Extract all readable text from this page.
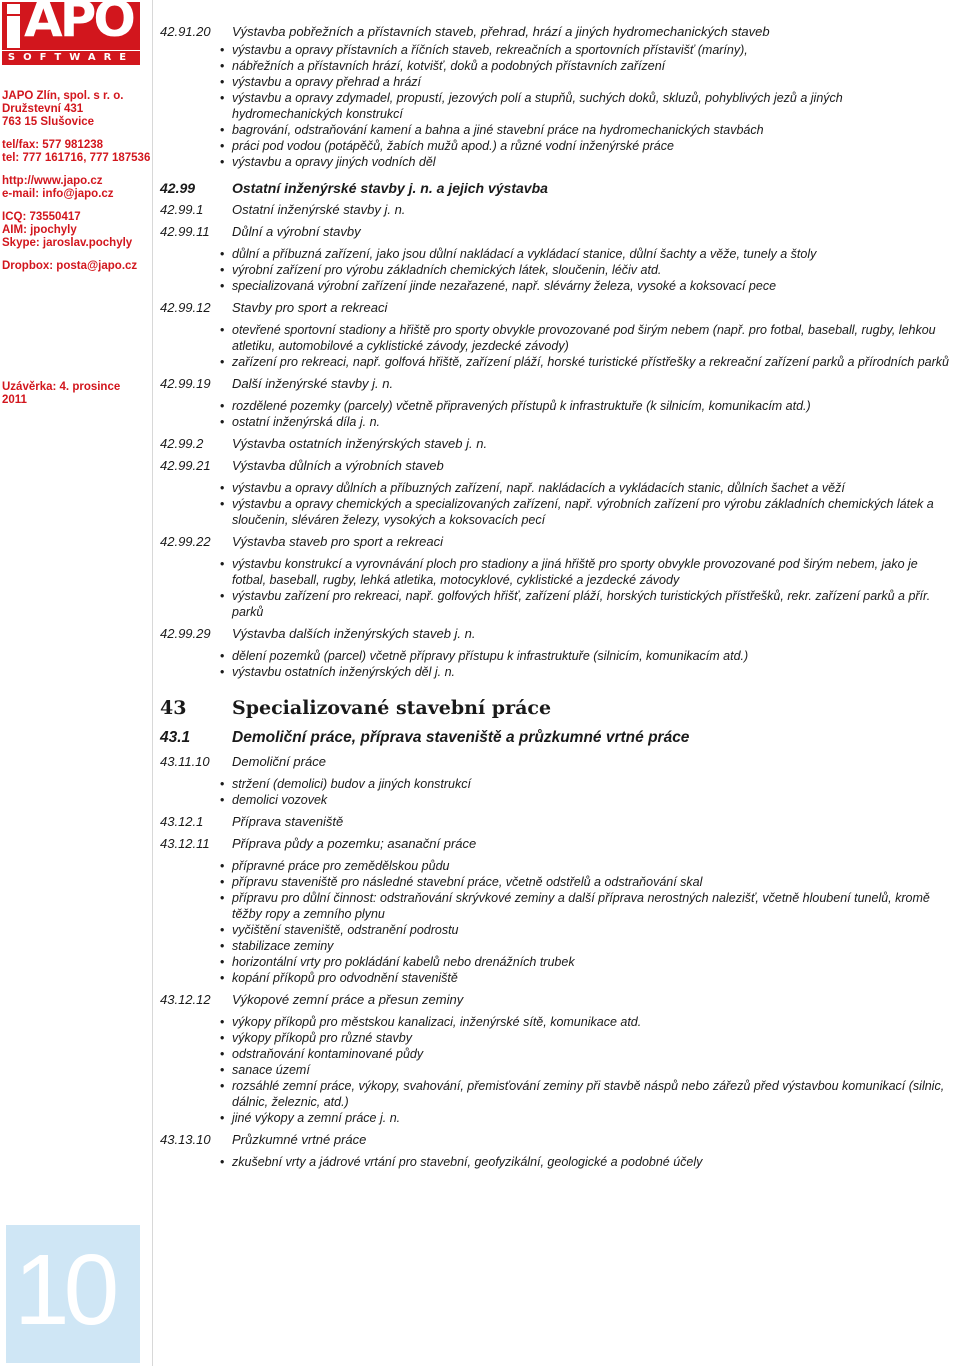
APO
SOFTWARE
JAPO Zlín, spol. s r. o.
Družstevní 431
763 15 Slušovice
tel/fax: 577 981238
tel: 777 161716, 777 187536
http://www.japo.cz
e-mail: info@japo.cz
ICQ: 73550417
AIM: jpochyly
Skype: jaroslav.pochyly
Dropbox: posta@japo.cz
Uzávěrka: 4. prosince 2011
10
42.91.20	Výstavba pobřežních a přístavních staveb, přehrad, hrází a jiných hydromechanických staveb
• výstavbu a opravy přístavních a říčních staveb, rekreačních a sportovních přístavišť (maríny),
• nábřežních a přístavních hrází, kotvišť, doků a podobných přístavních zařízení
• výstavbu a opravy přehrad a hrází
• výstavbu a opravy zdymadel, propustí, jezových polí a stupňů, suchých doků, skluzů, pohyblivých jezů a jiných hydromechanických konstrukcí
• bagrování, odstraňování kamení a bahna a jiné stavební práce na hydromechanických stavbách
• práci pod vodou (potápěčů, žabích mužů apod.) a různé vodní inženýrské práce
• výstavbu a opravy jiných vodních děl
42.99	Ostatní inženýrské stavby j. n. a jejich výstavba
42.99.1	Ostatní inženýrské stavby j. n.
42.99.11	Důlní a výrobní stavby
• důlní a příbuzná zařízení, jako jsou důlní nakládací a vykládací stanice, důlní šachty a věže, tunely a štoly
• výrobní zařízení pro výrobu základních chemických látek, sloučenin, léčiv atd.
• specializovaná výrobní zařízení jinde nezařazené, např. slévárny železa, vysoké a koksovací pece
42.99.12	Stavby pro sport a rekreaci
• otevřené sportovní stadiony a hřiště pro sporty obvykle provozované pod širým nebem (např. pro fotbal, baseball, rugby, lehkou atletiku, automobilové a cyklistické závody, jezdecké závody)
• zařízení pro rekreaci, např. golfová hřiště, zařízení pláží, horské turistické přístřešky a rekreační zařízení parků a přírodních parků
42.99.19	Další inženýrské stavby j. n.
• rozdělené pozemky (parcely) včetně připravených přístupů k infrastruktuře (k silnicím, komunikacím atd.)
• ostatní inženýrská díla j. n.
42.99.2	Výstavba ostatních inženýrských staveb j. n.
42.99.21	Výstavba důlních a výrobních staveb
• výstavbu a opravy důlních a příbuzných zařízení, např. nakládacích a vykládacích stanic, důlních šachet a věží
• výstavbu a opravy chemických a specializovaných zařízení, např. výrobních zařízení pro výrobu základních chemických látek a sloučenin, sléváren železy, vysokých a koksovacích pecí
42.99.22	Výstavba staveb pro sport a rekreaci
• výstavbu konstrukcí a vyrovnávání ploch pro stadiony a jiná hřiště pro sporty obvykle provozované pod širým nebem, jako je fotbal, baseball, rugby, lehká atletika, motocyklové, cyklistické a jezdecké závody
• výstavbu zařízení pro rekreaci, např. golfových hřišť, zařízení pláží, horských turistických přístřešků, rekr. zařízení parků a přír. parků
42.99.29	Výstavba dalších inženýrských staveb j. n.
• dělení pozemků (parcel) včetně přípravy přístupu k infrastruktuře (silnicím, komunikacím atd.)
• výstavbu ostatních inženýrských děl j. n.
43	Specializované stavební práce
43.1	Demoliční práce, příprava staveniště a průzkumné vrtné práce
43.11.10	Demoliční práce
• stržení (demolici) budov a jiných konstrukcí
• demolici vozovek
43.12.1	Příprava staveniště
43.12.11	Příprava půdy a pozemku; asanační práce
• přípravné práce pro zemědělskou půdu
• přípravu staveniště pro následné stavební práce, včetně odstřelů a odstraňování skal
• přípravu pro důlní činnost: odstraňování skrývkové zeminy a další příprava nerostných nalezišť, včetně hloubení tunelů, kromě těžby ropy a zemního plynu
• vyčištění staveniště, odstranění podrostu
• stabilizace zeminy
• horizontální vrty pro pokládání kabelů nebo drenážních trubek
• kopání příkopů pro odvodnění staveniště
43.12.12	Výkopové zemní práce a přesun zeminy
• výkopy příkopů pro městskou kanalizaci, inženýrské sítě, komunikace atd.
• výkopy příkopů pro různé stavby
• odstraňování kontaminované půdy
• sanace území
• rozsáhlé zemní práce, výkopy, svahování, přemisťování zeminy při stavbě náspů nebo zářezů před výstavbou komunikací (silnic, dálnic, železnic, atd.)
• jiné výkopy a zemní práce j. n.
43.13.10	Průzkumné vrtné práce
• zkušební vrty a jádrové vrtání pro stavební, geofyzikální, geologické a podobné účely
